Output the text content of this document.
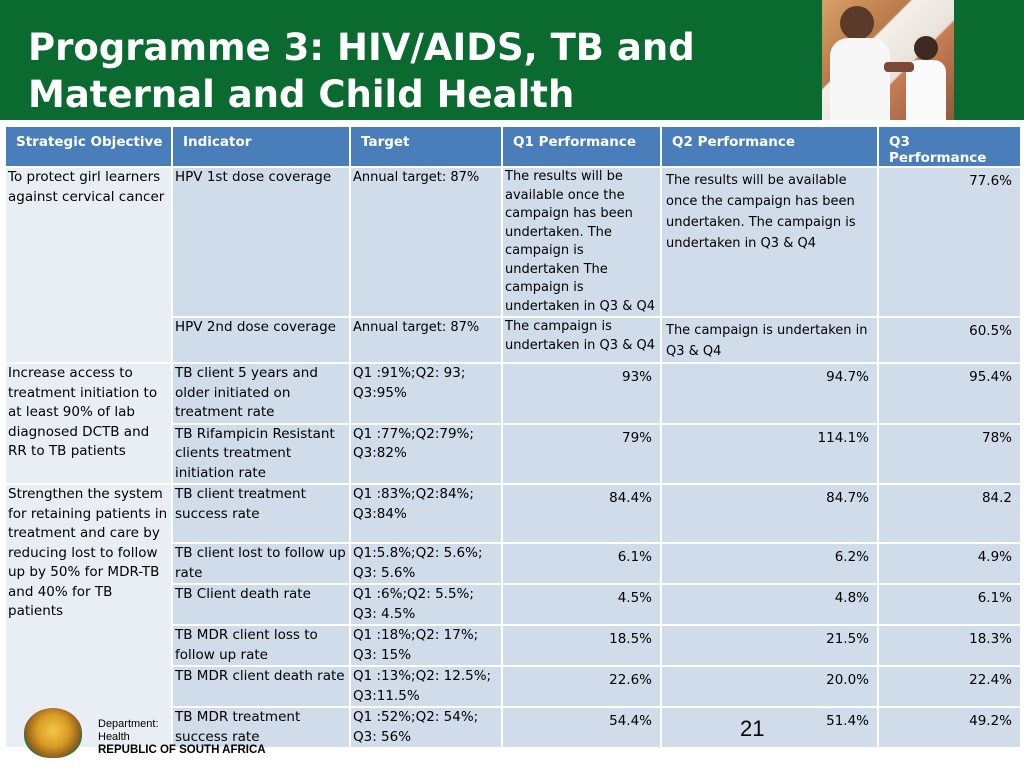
Programme 3: HIV/AIDS, TB and
Maternal and Child Health
Strategic Objective	Indicator	Target	Q1 Performance	Q2 Performance	Q3 Performance
To protect girl learners against cervical cancer	HPV 1st dose coverage	Annual target: 87%	The results will be available once the campaign has been undertaken. The campaign is undertaken The campaign is undertaken in Q3 & Q4	The results will be available once the campaign has been undertaken. The campaign is undertaken in Q3 & Q4	77.6%
	HPV 2nd dose coverage	Annual target: 87%	The campaign is undertaken in Q3 & Q4	The campaign is undertaken in Q3 & Q4	60.5%
Increase access to treatment initiation to at least 90% of lab diagnosed DCTB and RR to TB patients	TB client 5 years and older initiated on treatment rate	Q1 :91%;Q2: 93; Q3:95%	93%	94.7%	95.4%
	TB Rifampicin Resistant clients treatment initiation rate	Q1 :77%;Q2:79%; Q3:82%	79%	114.1%	78%
Strengthen the system for retaining patients in treatment and care by reducing lost to follow up by 50% for MDR-TB and 40% for TB patients	TB client treatment success rate	Q1 :83%;Q2:84%; Q3:84%	84.4%	84.7%	84.2
	TB client lost to follow up rate	Q1:5.8%;Q2: 5.6%; Q3: 5.6%	6.1%	6.2%	4.9%
	TB Client death rate	Q1 :6%;Q2: 5.5%; Q3: 4.5%	4.5%	4.8%	6.1%
	TB MDR client loss to follow up rate	Q1 :18%;Q2: 17%; Q3: 15%	18.5%	21.5%	18.3%
	TB MDR client death rate	Q1 :13%;Q2: 12.5%; Q3:11.5%	22.6%	20.0%	22.4%
	TB MDR treatment success rate	Q1 :52%;Q2: 54%; Q3: 56%	54.4%	51.4%	49.2%
Department:
Health
REPUBLIC OF SOUTH AFRICA
21
